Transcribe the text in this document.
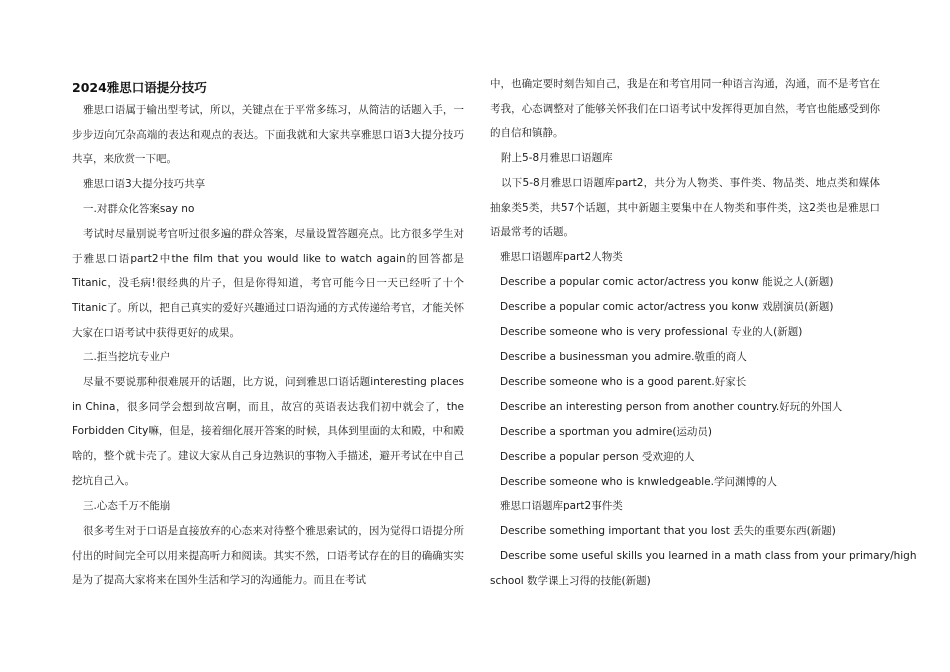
2024雅思口语提分技巧

雅思口语属于输出型考试，所以，关键点在于平常多练习，从简洁的话题入手，一步步迈向冗杂高端的表达和观点的表达。下面我就和大家共享雅思口语3大提分技巧共享，来欣赏一下吧。

雅思口语3大提分技巧共享

一.对群众化答案say no

考试时尽量别说考官听过很多遍的群众答案，尽量设置答题亮点。比方很多学生对于雅思口语part2中the film that you would like to watch again的回答都是Titanic，没毛病!很经典的片子，但是你得知道，考官可能今日一天已经听了十个Titanic了。所以，把自己真实的爱好兴趣通过口语沟通的方式传递给考官，才能关怀大家在口语考试中获得更好的成果。

二.拒当挖坑专业户

尽量不要说那种很难展开的话题，比方说，问到雅思口语话题interesting places in China，很多同学会想到故宫啊，而且，故宫的英语表达我们初中就会了，the Forbidden City嘛，但是，接着细化展开答案的时候，具体到里面的太和殿，中和殿啥的，整个就卡壳了。建议大家从自己身边熟识的事物入手描述，避开考试在中自己挖坑自己入。

三.心态千万不能崩

很多考生对于口语是直接放弃的心态来对待整个雅思索试的，因为觉得口语提分所付出的时间完全可以用来提高听力和阅读。其实不然，口语考试存在的目的确确实实是为了提高大家将来在国外生活和学习的沟通能力。而且在考试

中，也确定要时刻告知自己，我是在和考官用同一种语言沟通，沟通，而不是考官在考我，心态调整对了能够关怀我们在口语考试中发挥得更加自然，考官也能感受到你的自信和镇静。

附上5-8月雅思口语题库

以下5-8月雅思口语题库part2，共分为人物类、事件类、物品类、地点类和媒体抽象类5类，共57个话题，其中新题主要集中在人物类和事件类，这2类也是雅思口语最常考的话题。

雅思口语题库part2人物类

Describe a popular comic actor/actress you konw 能说之人(新题)

Describe a popular comic actor/actress you konw 戏剧演员(新题)

Describe someone who is very professional 专业的人(新题)

Describe a businessman you admire.敬重的商人

Describe someone who is a good parent.好家长

Describe an interesting person from another country.好玩的外国人

Describe a sportman you admire(运动员)

Describe a popular person 受欢迎的人

Describe someone who is knwledgeable.学问渊博的人

雅思口语题库part2事件类

Describe something important that you lost 丢失的重要东西(新题)

Describe some useful skills you learned in a math class from your primary/high

school 数学课上习得的技能(新题)
